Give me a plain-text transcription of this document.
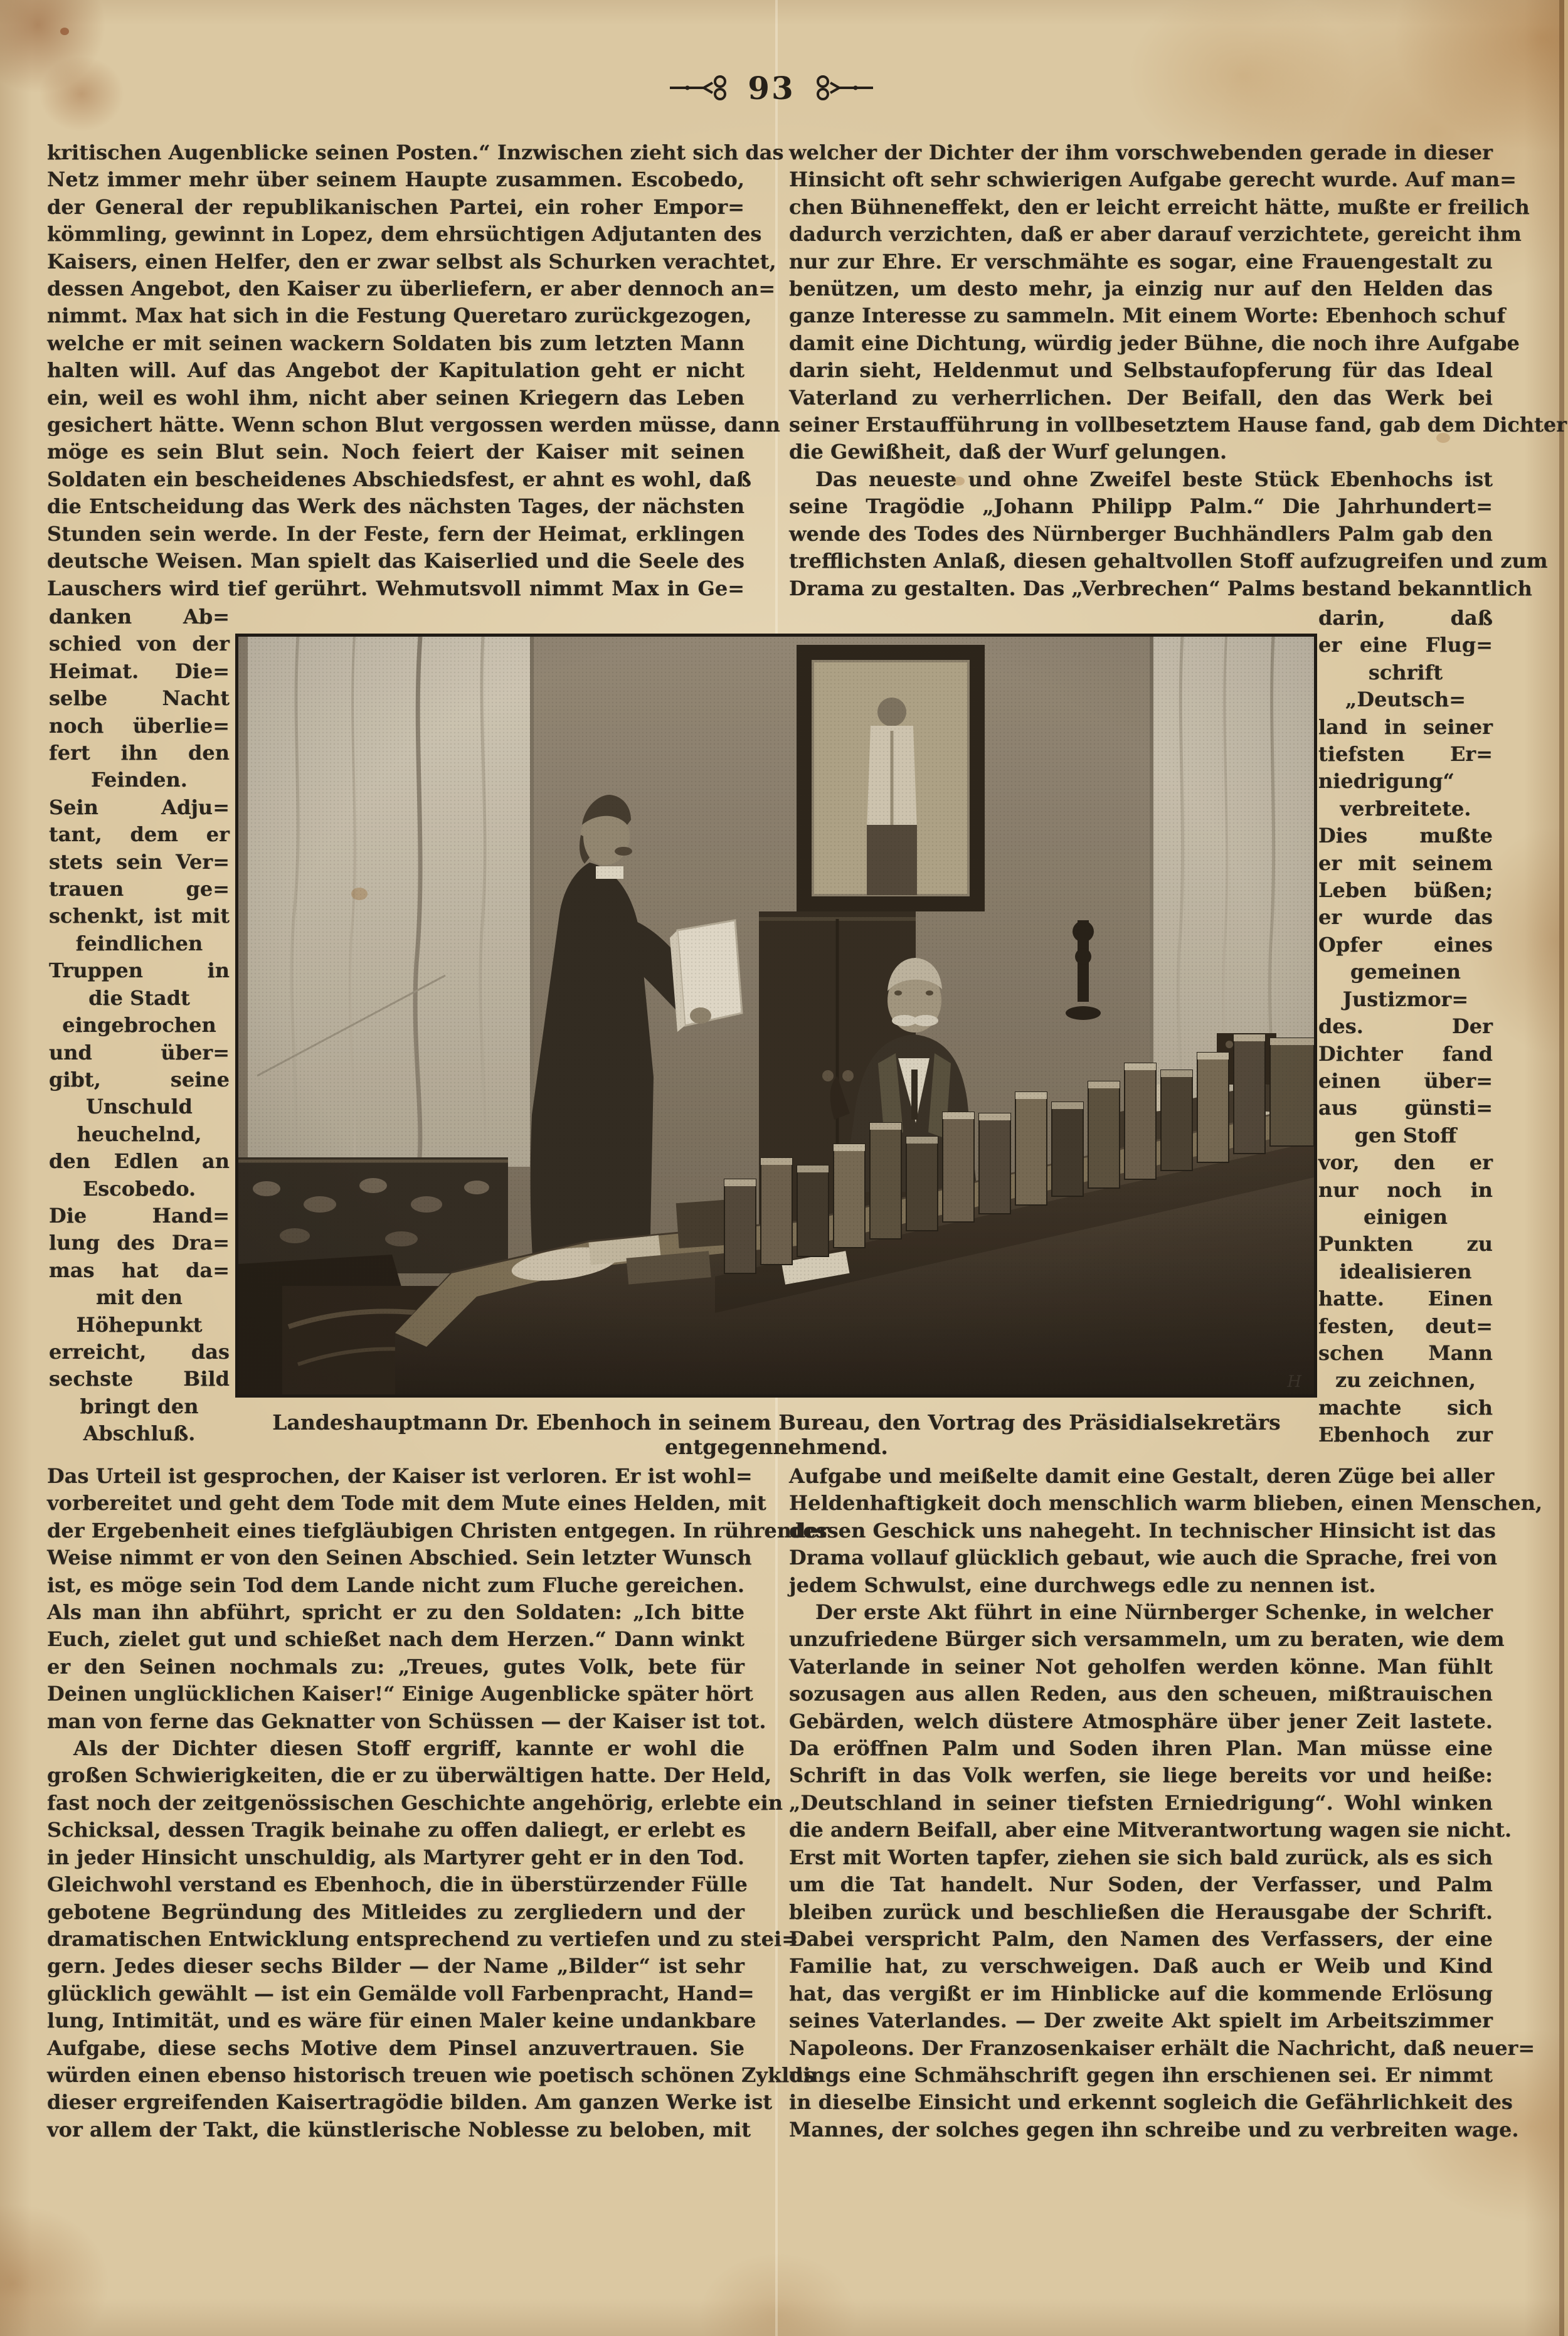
93
kritischen Augenblicke seinen Posten.“ Inzwischen zieht sich das
Netz immer mehr über seinem Haupte zusammen. Escobedo,
der General der republikanischen Partei, ein roher Empor=
kömmling, gewinnt in Lopez, dem ehrsüchtigen Adjutanten des
Kaisers, einen Helfer, den er zwar selbst als Schurken verachtet,
dessen Angebot, den Kaiser zu überliefern, er aber dennoch an=
nimmt. Max hat sich in die Festung Queretaro zurückgezogen,
welche er mit seinen wackern Soldaten bis zum letzten Mann
halten will. Auf das Angebot der Kapitulation geht er nicht
ein, weil es wohl ihm, nicht aber seinen Kriegern das Leben
gesichert hätte. Wenn schon Blut vergossen werden müsse, dann
möge es sein Blut sein. Noch feiert der Kaiser mit seinen
Soldaten ein bescheidenes Abschiedsfest, er ahnt es wohl, daß
die Entscheidung das Werk des nächsten Tages, der nächsten
Stunden sein werde. In der Feste, fern der Heimat, erklingen
deutsche Weisen. Man spielt das Kaiserlied und die Seele des
Lauschers wird tief gerührt. Wehmutsvoll nimmt Max in Ge=
welcher der Dichter der ihm vorschwebenden gerade in dieser
Hinsicht oft sehr schwierigen Aufgabe gerecht wurde. Auf man=
chen Bühneneffekt, den er leicht erreicht hätte, mußte er freilich
dadurch verzichten, daß er aber darauf verzichtete, gereicht ihm
nur zur Ehre. Er verschmähte es sogar, eine Frauengestalt zu
benützen, um desto mehr, ja einzig nur auf den Helden das
ganze Interesse zu sammeln. Mit einem Worte: Ebenhoch schuf
damit eine Dichtung, würdig jeder Bühne, die noch ihre Aufgabe
darin sieht, Heldenmut und Selbstaufopferung für das Ideal
Vaterland zu verherrlichen. Der Beifall, den das Werk bei
seiner Erstaufführung in vollbesetztem Hause fand, gab dem Dichter
die Gewißheit, daß der Wurf gelungen.
Das neueste und ohne Zweifel beste Stück Ebenhochs ist
seine Tragödie „Johann Philipp Palm.“ Die Jahrhundert=
wende des Todes des Nürnberger Buchhändlers Palm gab den
trefflichsten Anlaß, diesen gehaltvollen Stoff aufzugreifen und zum
Drama zu gestalten. Das „Verbrechen“ Palms bestand bekanntlich
danken Ab=
schied von der
Heimat. Die=
selbe Nacht
noch überlie=
fert ihn den
Feinden.
Sein Adju=
tant, dem er
stets sein Ver=
trauen ge=
schenkt, ist mit
feindlichen
Truppen in
die Stadt
eingebrochen
und über=
gibt, seine
Unschuld
heuchelnd,
den Edlen an
Escobedo.
Die Hand=
lung des Dra=
mas hat da=
mit den
Höhepunkt
erreicht, das
sechste Bild
bringt den
Abschluß.
darin, daß
er eine Flug=
schrift
„Deutsch=
land in seiner
tiefsten Er=
niedrigung“
verbreitete.
Dies mußte
er mit seinem
Leben büßen;
er wurde das
Opfer eines
gemeinen
Justizmor=
des. Der
Dichter fand
einen über=
aus günsti=
gen Stoff
vor, den er
nur noch in
einigen
Punkten zu
idealisieren
hatte. Einen
festen, deut=
schen Mann
zu zeichnen,
machte sich
Ebenhoch zur
H
Landeshauptmann Dr. Ebenhoch in seinem Bureau, den Vortrag des Präsidialsekretärs entgegennehmend.
Das Urteil ist gesprochen, der Kaiser ist verloren. Er ist wohl=
vorbereitet und geht dem Tode mit dem Mute eines Helden, mit
der Ergebenheit eines tiefgläubigen Christen entgegen. In rührender
Weise nimmt er von den Seinen Abschied. Sein letzter Wunsch
ist, es möge sein Tod dem Lande nicht zum Fluche gereichen.
Als man ihn abführt, spricht er zu den Soldaten: „Ich bitte
Euch, zielet gut und schießet nach dem Herzen.“ Dann winkt
er den Seinen nochmals zu: „Treues, gutes Volk, bete für
Deinen unglücklichen Kaiser!“ Einige Augenblicke später hört
man von ferne das Geknatter von Schüssen — der Kaiser ist tot.
Als der Dichter diesen Stoff ergriff, kannte er wohl die
großen Schwierigkeiten, die er zu überwältigen hatte. Der Held,
fast noch der zeitgenössischen Geschichte angehörig, erlebte ein
Schicksal, dessen Tragik beinahe zu offen daliegt, er erlebt es
in jeder Hinsicht unschuldig, als Martyrer geht er in den Tod.
Gleichwohl verstand es Ebenhoch, die in überstürzender Fülle
gebotene Begründung des Mitleides zu zergliedern und der
dramatischen Entwicklung entsprechend zu vertiefen und zu stei=
gern. Jedes dieser sechs Bilder — der Name „Bilder“ ist sehr
glücklich gewählt — ist ein Gemälde voll Farbenpracht, Hand=
lung, Intimität, und es wäre für einen Maler keine undankbare
Aufgabe, diese sechs Motive dem Pinsel anzuvertrauen. Sie
würden einen ebenso historisch treuen wie poetisch schönen Zyklus
dieser ergreifenden Kaisertragödie bilden. Am ganzen Werke ist
vor allem der Takt, die künstlerische Noblesse zu beloben, mit
Aufgabe und meißelte damit eine Gestalt, deren Züge bei aller
Heldenhaftigkeit doch menschlich warm blieben, einen Menschen,
dessen Geschick uns nahegeht. In technischer Hinsicht ist das
Drama vollauf glücklich gebaut, wie auch die Sprache, frei von
jedem Schwulst, eine durchwegs edle zu nennen ist.
Der erste Akt führt in eine Nürnberger Schenke, in welcher
unzufriedene Bürger sich versammeln, um zu beraten, wie dem
Vaterlande in seiner Not geholfen werden könne. Man fühlt
sozusagen aus allen Reden, aus den scheuen, mißtrauischen
Gebärden, welch düstere Atmosphäre über jener Zeit lastete.
Da eröffnen Palm und Soden ihren Plan. Man müsse eine
Schrift in das Volk werfen, sie liege bereits vor und heiße:
„Deutschland in seiner tiefsten Erniedrigung“. Wohl winken
die andern Beifall, aber eine Mitverantwortung wagen sie nicht.
Erst mit Worten tapfer, ziehen sie sich bald zurück, als es sich
um die Tat handelt. Nur Soden, der Verfasser, und Palm
bleiben zurück und beschließen die Herausgabe der Schrift.
Dabei verspricht Palm, den Namen des Verfassers, der eine
Familie hat, zu verschweigen. Daß auch er Weib und Kind
hat, das vergißt er im Hinblicke auf die kommende Erlösung
seines Vaterlandes. — Der zweite Akt spielt im Arbeitszimmer
Napoleons. Der Franzosenkaiser erhält die Nachricht, daß neuer=
dings eine Schmähschrift gegen ihn erschienen sei. Er nimmt
in dieselbe Einsicht und erkennt sogleich die Gefährlichkeit des
Mannes, der solches gegen ihn schreibe und zu verbreiten wage.
